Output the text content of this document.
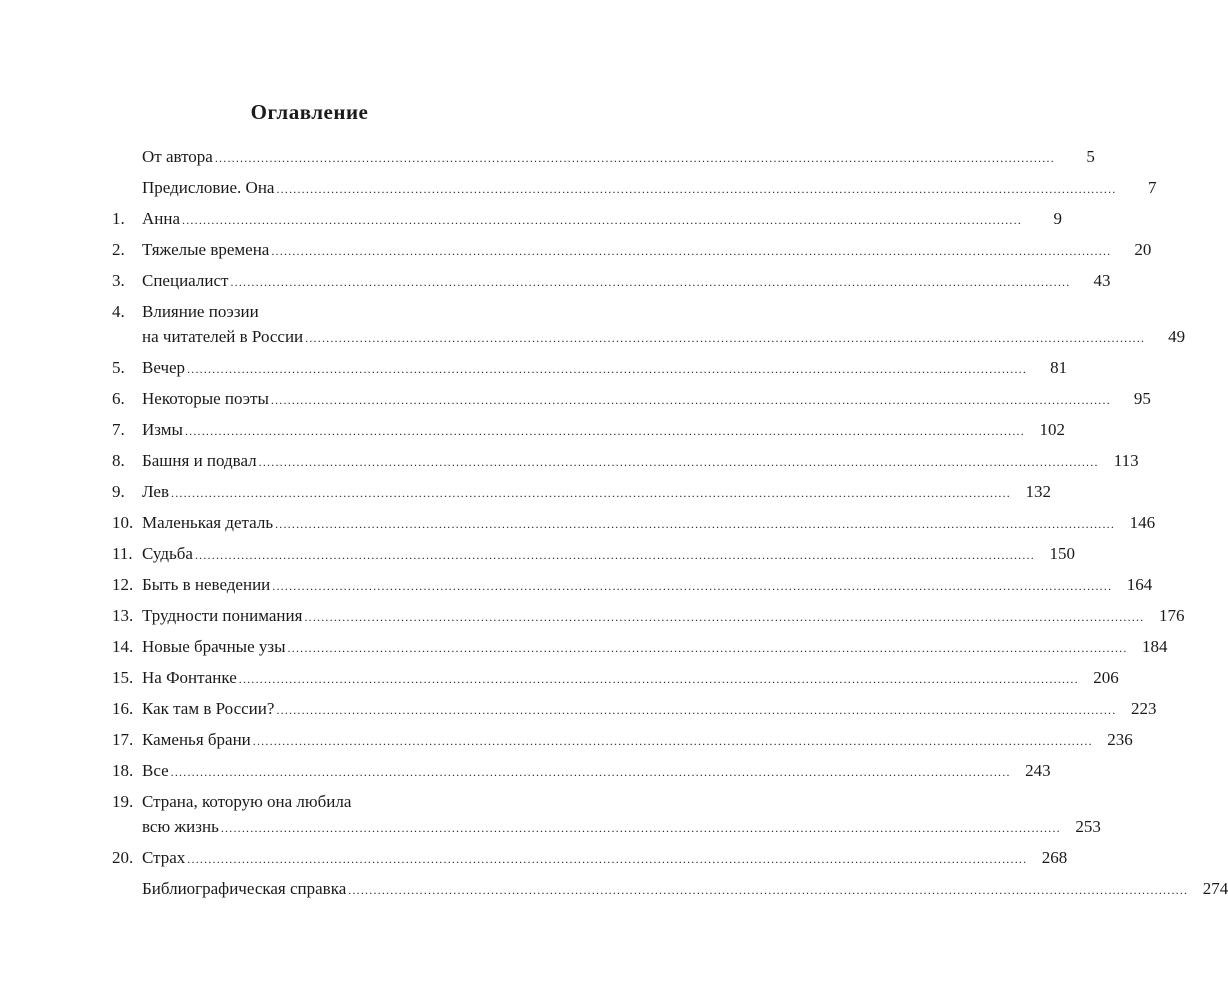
Оглавление
От автора ........................................................................................................................................................................................................	5
Предисловие. Она ........................................................................................................................................................................................................	7
1. Анна ........................................................................................................................................................................................................	9
2. Тяжелые времена ........................................................................................................................................................................................................	20
3. Специалист ........................................................................................................................................................................................................	43
4. Влияние поэзии
на читателей в России ........................................................................................................................................................................................................	49
5. Вечер ........................................................................................................................................................................................................	81
6. Некоторые поэты ........................................................................................................................................................................................................	95
7. Измы ........................................................................................................................................................................................................ 102
8. Башня и подвал ........................................................................................................................................................................................................ 113
9. Лев ........................................................................................................................................................................................................ 132
10. Маленькая деталь ........................................................................................................................................................................................................ 146
11. Судьба ........................................................................................................................................................................................................ 150
12. Быть в неведении ........................................................................................................................................................................................................ 164
13. Трудности понимания ........................................................................................................................................................................................................ 176
14. Новые брачные узы ........................................................................................................................................................................................................ 184
15. На Фонтанке ........................................................................................................................................................................................................ 206
16. Как там в России? ........................................................................................................................................................................................................ 223
17. Каменья брани ........................................................................................................................................................................................................ 236
18. Все ........................................................................................................................................................................................................ 243
19. Страна, которую она любила
всю жизнь ........................................................................................................................................................................................................ 253
20. Страх ........................................................................................................................................................................................................ 268
Библиографическая справка ........................................................................................................................................................................................................ 274
